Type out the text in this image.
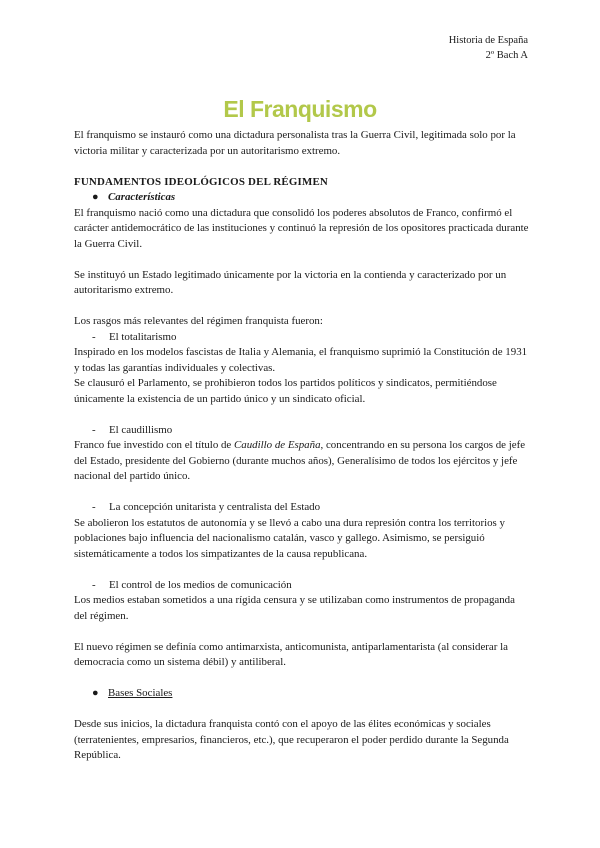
Historia de España
2º Bach A
El Franquismo

El franquismo se instauró como una dictadura personalista tras la Guerra Civil, legitimada solo por la victoria militar y caracterizada por un autoritarismo extremo.

FUNDAMENTOS IDEOLÓGICOS DEL RÉGIMEN

● Características

El franquismo nació como una dictadura que consolidó los poderes absolutos de Franco, confirmó el carácter antidemocrático de las instituciones y continuó la represión de los opositores practicada durante la Guerra Civil.

Se instituyó un Estado legitimado únicamente por la victoria en la contienda y caracterizado por un autoritarismo extremo.

Los rasgos más relevantes del régimen franquista fueron:

- El totalitarismo

Inspirado en los modelos fascistas de Italia y Alemania, el franquismo suprimió la Constitución de 1931 y todas las garantías individuales y colectivas.

Se clausuró el Parlamento, se prohibieron todos los partidos políticos y sindicatos, permitiéndose únicamente la existencia de un partido único y un sindicato oficial.

- El caudillismo

Franco fue investido con el título de Caudillo de España, concentrando en su persona los cargos de jefe del Estado, presidente del Gobierno (durante muchos años), Generalísimo de todos los ejércitos y jefe nacional del partido único.

- La concepción unitarista y centralista del Estado

Se abolieron los estatutos de autonomía y se llevó a cabo una dura represión contra los territorios y poblaciones bajo influencia del nacionalismo catalán, vasco y gallego. Asimismo, se persiguió sistemáticamente a todos los simpatizantes de la causa republicana.

- El control de los medios de comunicación

Los medios estaban sometidos a una rígida censura y se utilizaban como instrumentos de propaganda del régimen.

El nuevo régimen se definía como antimarxista, anticomunista, antiparlamentarista (al considerar la democracia como un sistema débil) y antiliberal.

● Bases Sociales

Desde sus inicios, la dictadura franquista contó con el apoyo de las élites económicas y sociales (terratenientes, empresarios, financieros, etc.), que recuperaron el poder perdido durante la Segunda República.
